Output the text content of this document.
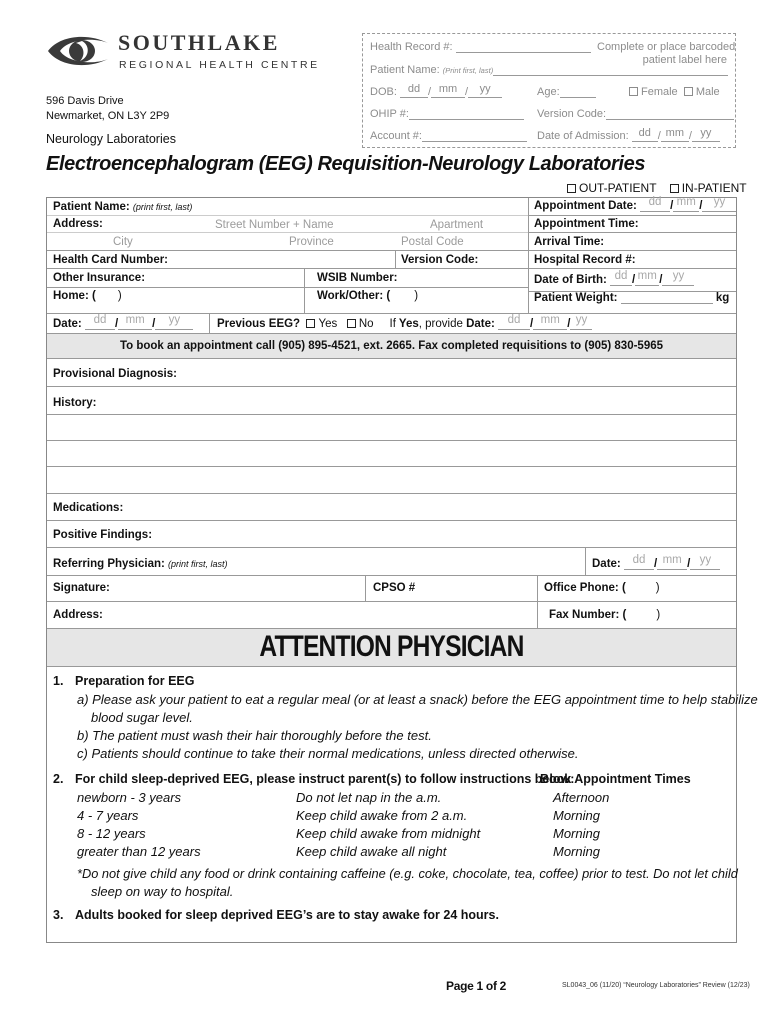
SOUTHLAKE
REGIONAL HEALTH CENTRE
596 Davis Drive
Newmarket, ON L3Y 2P9
Neurology Laboratories
Health Record #:	Complete or place barcoded
patient label here
Patient Name: (Print first, last)
DOB: dd / mm / yy	Age:	Female Male
OHIP #:	Version Code:
Account #:	Date of Admission: dd / mm / yy
Electroencephalogram (EEG) Requisition-Neurology Laboratories
OUT-PATIENT IN-PATIENT
Patient Name: (print first, last)
Address:	Street Number + Name	Apartment
City	Province	Postal Code
Health Card Number:	Version Code:
Other Insurance:	WSIB Number:
Home: ( )	Work/Other: ( )
Appointment Date: dd / mm / yy
Appointment Time:
Arrival Time:
Hospital Record #:
Date of Birth: dd / mm / yy
Patient Weight:	kg
Date: dd / mm / yy	Previous EEG? Yes No If Yes, provide Date: dd / mm / yy
To book an appointment call (905) 895-4521, ext. 2665. Fax completed requisitions to (905) 830-5965
Provisional Diagnosis:
History:
Medications:
Positive Findings:
Referring Physician: (print first, last)	Date: dd / mm / yy
Signature:	CPSO #	Office Phone: (	)
Address:	Fax Number: (	)
ATTENTION PHYSICIAN
1. Preparation for EEG
a) Please ask your patient to eat a regular meal (or at least a snack) before the EEG appointment time to help stabilize
blood sugar level.
b) The patient must wash their hair thoroughly before the test.
c) Patients should continue to take their normal medications, unless directed otherwise.
2. For child sleep-deprived EEG, please instruct parent(s) to follow instructions below:
Book Appointment Times
newborn - 3 years	Do not let nap in the a.m.	Afternoon
4 - 7 years	Keep child awake from 2 a.m.	Morning
8 - 12 years	Keep child awake from midnight	Morning
greater than 12 years	Keep child awake all night	Morning
*Do not give child any food or drink containing caffeine (e.g. coke, chocolate, tea, coffee) prior to test. Do not let child
sleep on way to hospital.
3. Adults booked for sleep deprived EEG’s are to stay awake for 24 hours.
Page 1 of 2	SL0043_06 (11/20) “Neurology Laboratories” Review (12/23)
